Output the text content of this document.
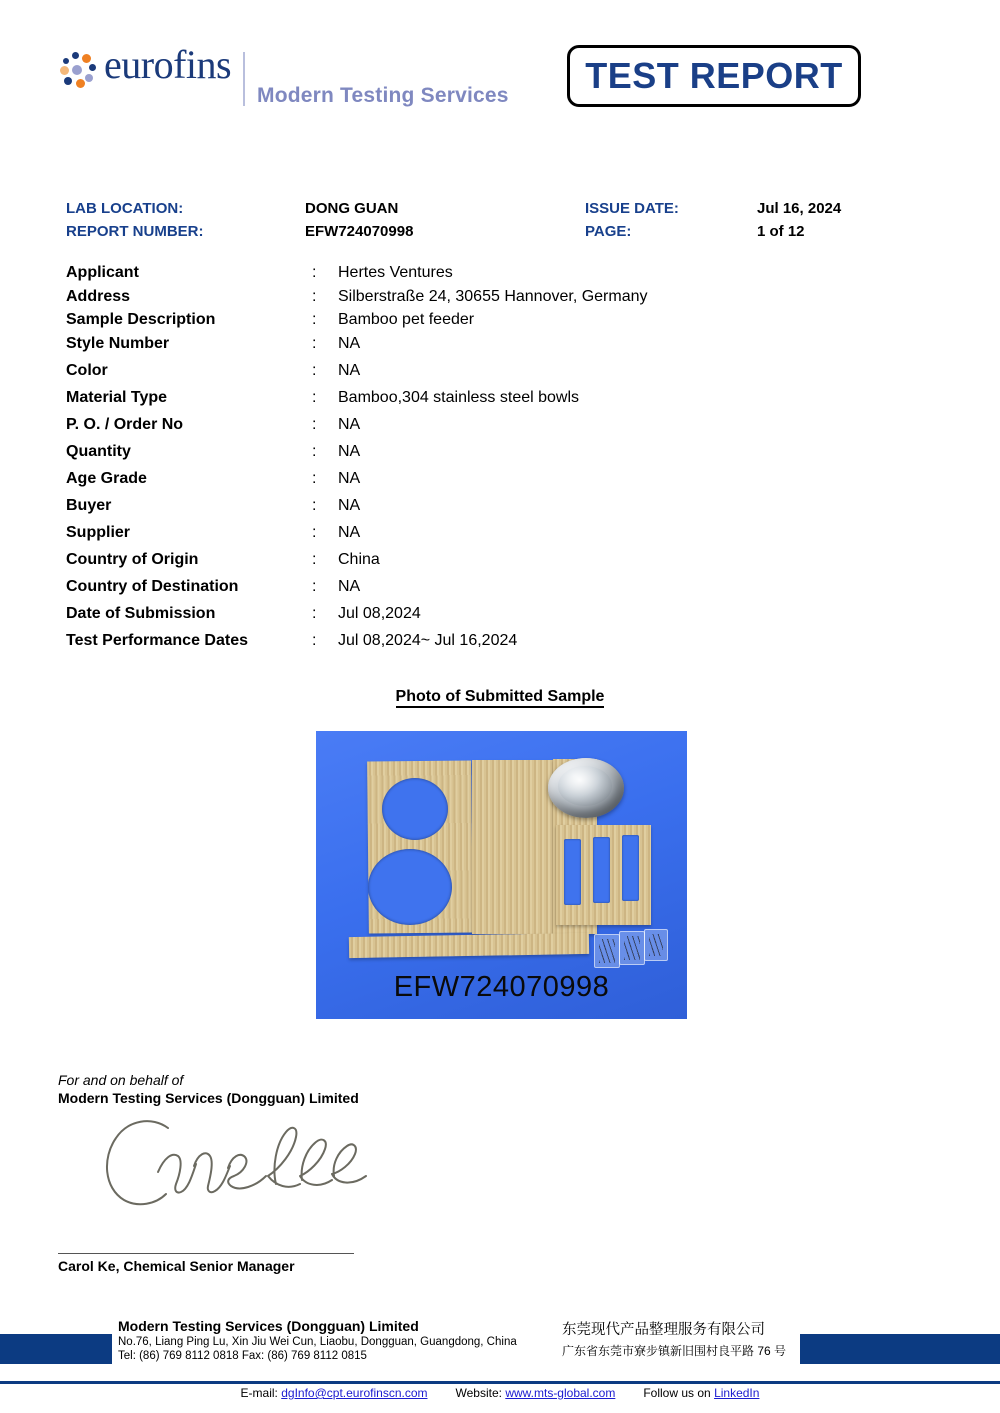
eurofins
Modern Testing Services TEST REPORT
LAB LOCATION:	DONG GUAN	ISSUE DATE:	Jul 16, 2024
REPORT NUMBER:	EFW724070998	PAGE:	1 of 12
Applicant	: Hertes Ventures
Address	: Silberstraße 24, 30655 Hannover, Germany
Sample Description	: Bamboo pet feeder
Style Number	: NA
Color	: NA
Material Type	: Bamboo,304 stainless steel bowls
P. O. / Order No	: NA
Quantity	: NA
Age Grade	: NA
Buyer	: NA
Supplier	: NA
Country of Origin	: China
Country of Destination	: NA
Date of Submission	: Jul 08,2024
Test Performance Dates	: Jul 08,2024~ Jul 16,2024
Photo of Submitted Sample
EFW724070998
For and on behalf of
Modern Testing Services (Dongguan) Limited
Carol Ke, Chemical Senior Manager
Modern Testing Services (Dongguan) Limited
No.76, Liang Ping Lu, Xin Jiu Wei Cun, Liaobu, Dongguan, Guangdong, China
Tel: (86) 769 8112 0818 Fax: (86) 769 8112 0815
东莞现代产品整理服务有限公司
广东省东莞市寮步镇新旧围村良平路 76 号
E-mail: dgInfo@cpt.eurofinscn.com Website: www.mts-global.com Follow us on LinkedIn
